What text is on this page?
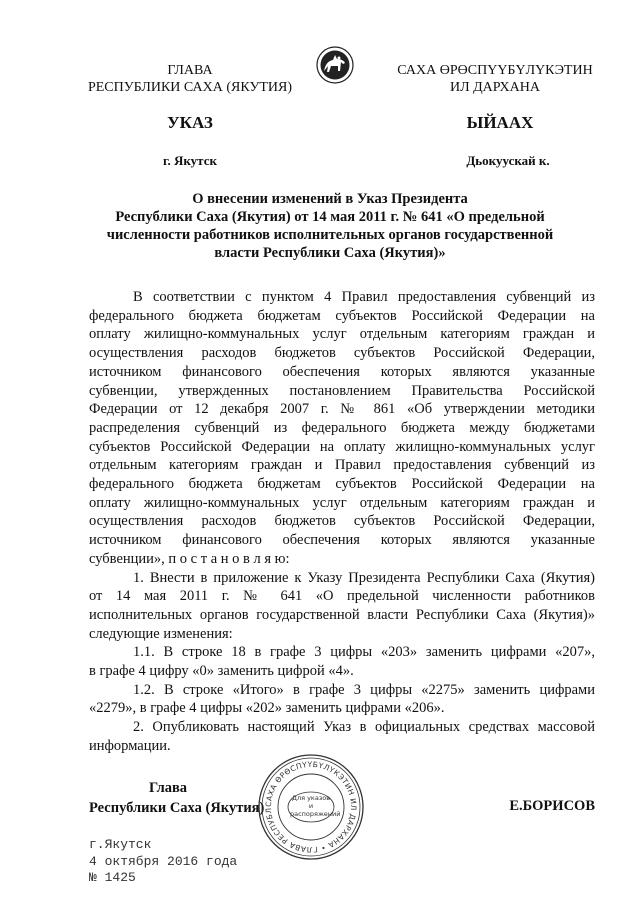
ГЛАВА
РЕСПУБЛИКИ САХА (ЯКУТИЯ)
САХА ӨРӨСПҮҮБҮЛҮКЭТИН
ИЛ ДАРХАНА
УКАЗ	ЫЙААХ
г. Якутск	Дьокуускай к.
О внесении изменений в Указ Президента
Республики Саха (Якутия) от 14 мая 2011 г. № 641 «О предельной
численности работников исполнительных органов государственной
власти Республики Саха (Якутия)»
В соответствии с пунктом 4 Правил предоставления субвенций из
федерального бюджета бюджетам субъектов Российской Федерации на
оплату жилищно-коммунальных услуг отдельным категориям граждан и
осуществления расходов бюджетов субъектов Российской Федерации,
источником финансового обеспечения которых являются указанные
субвенции, утвержденных постановлением Правительства Российской
Федерации от 12 декабря 2007 г. № 861 «Об утверждении методики
распределения субвенций из федерального бюджета между бюджетами
субъектов Российской Федерации на оплату жилищно-коммунальных услуг
отдельным категориям граждан и Правил предоставления субвенций из
федерального бюджета бюджетам субъектов Российской Федерации на
оплату жилищно-коммунальных услуг отдельным категориям граждан и
осуществления расходов бюджетов субъектов Российской Федерации,
источником финансового обеспечения которых являются указанные
субвенции», п о с т а н о в л я ю:
1. Внести в приложение к Указу Президента Республики Саха (Якутия)
от 14 мая 2011 г. № 641 «О предельной численности работников
исполнительных органов государственной власти Республики Саха (Якутия)»
следующие изменения:
1.1. В строке 18 в графе 3 цифры «203» заменить цифрами «207»,
в графе 4 цифру «0» заменить цифрой «4».
1.2. В строке «Итого» в графе 3 цифры «2275» заменить цифрами
«2279», в графе 4 цифры «202» заменить цифрами «206».
2. Опубликовать настоящий Указ в официальных средствах массовой
информации.
Глава
Республики Саха (Якутия)	Е.БОРИСОВ
САХА ӨРӨСПҮҮБҮЛҮКЭТИН ИЛ ДАРХАНА • ГЛАВА РЕСПУБЛ
Для указов и распоряжений
г.Якутск
4 октября 2016 года
№ 1425
